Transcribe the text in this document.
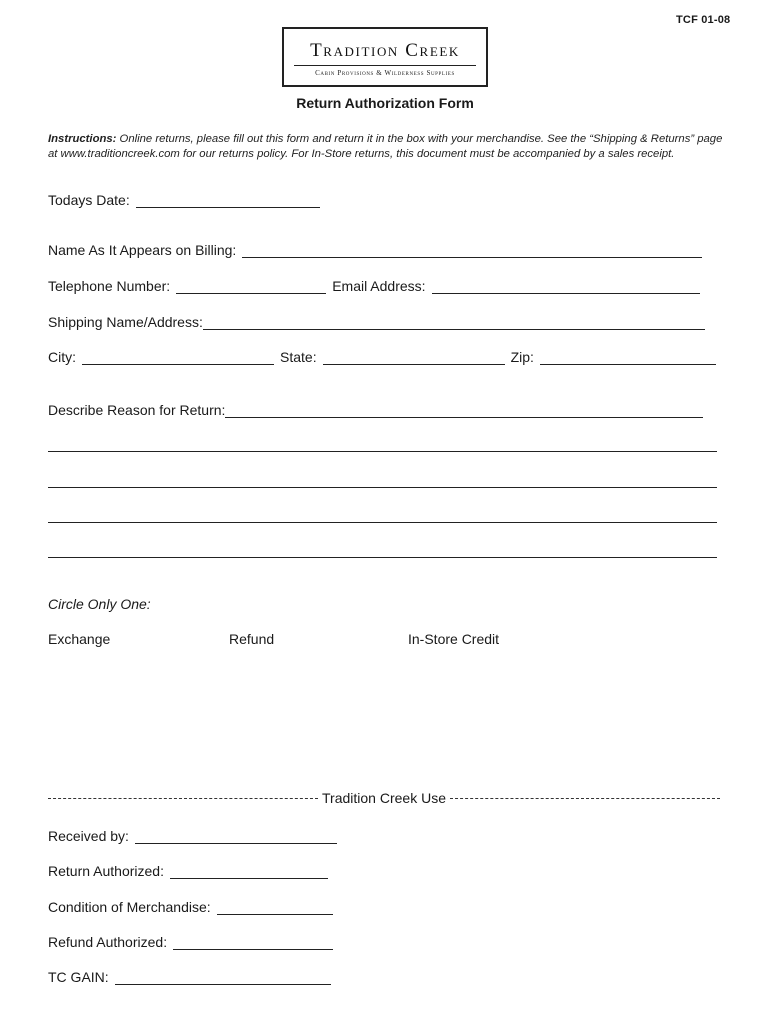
TCF 01-08
Tradition Creek
Cabin Provisions & Wilderness Supplies
Return Authorization Form
Instructions: Online returns, please fill out this form and return it in the box with your merchandise. See the “Shipping & Returns” page at www.traditioncreek.com for our returns policy. For In-Store returns, this document must be accompanied by a sales receipt.
Todays Date:
Name As It Appears on Billing:
Telephone Number:	Email Address:
Shipping Name/Address:
City:	State:	Zip:
Describe Reason for Return:
Circle Only One:
Exchange	Refund	In-Store Credit
Tradition Creek Use
Received by:
Return Authorized:
Condition of Merchandise:
Refund Authorized:
TC GAIN:
